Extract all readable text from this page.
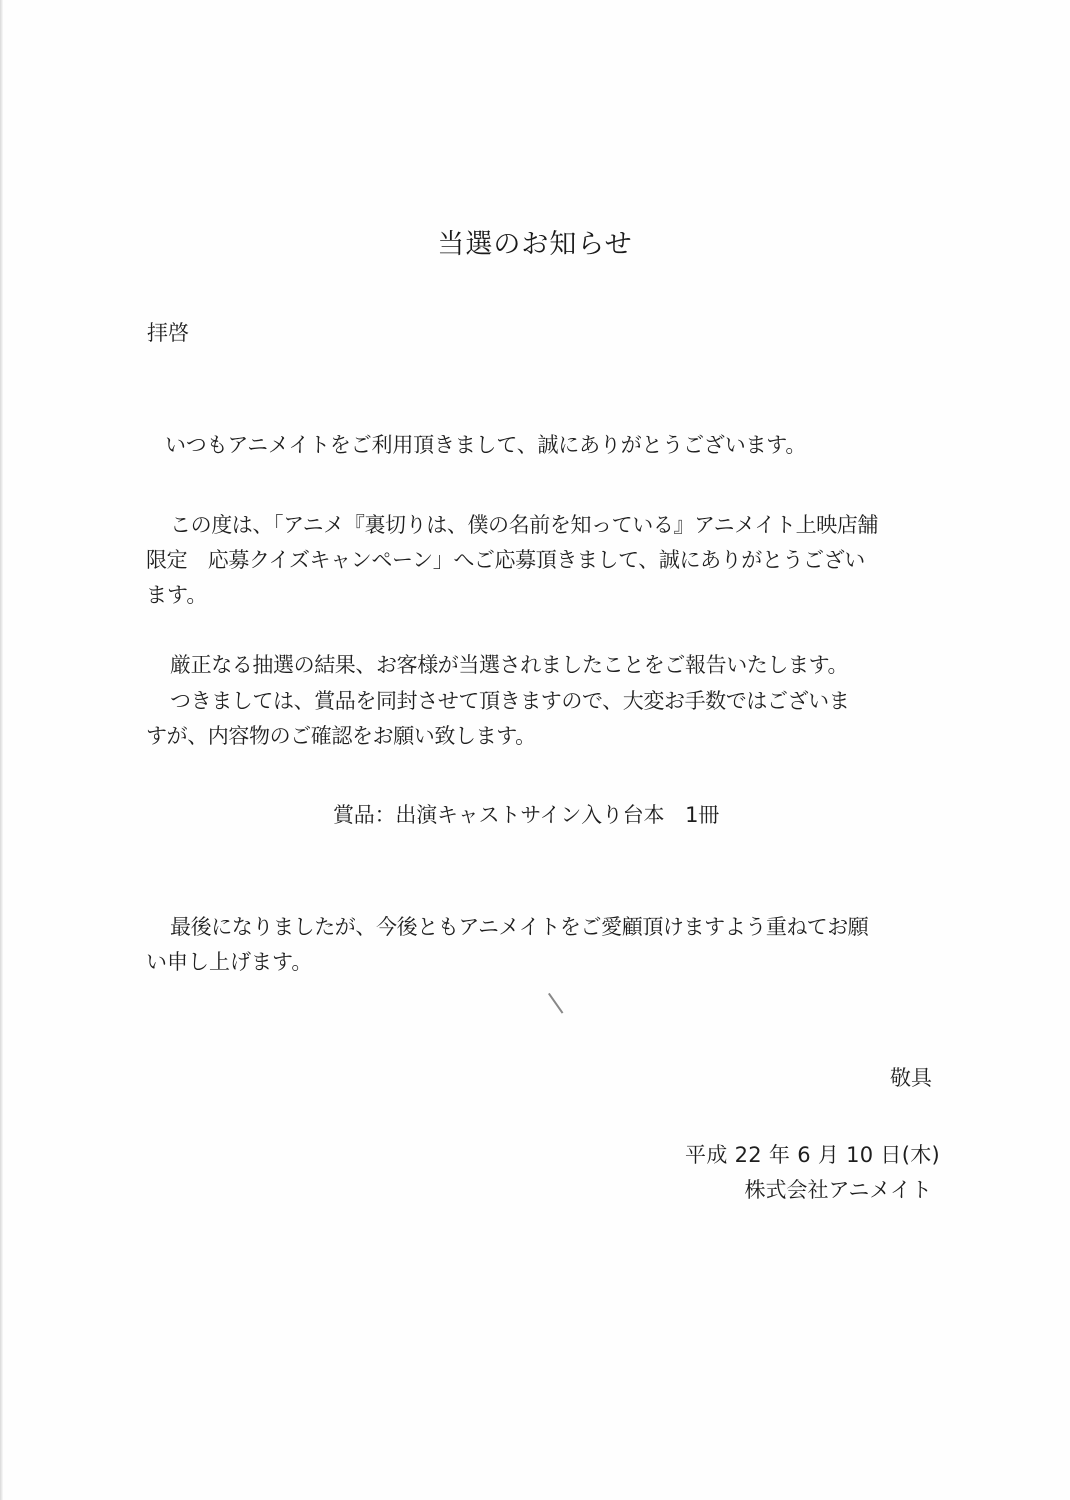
当選のお知らせ
拝啓
いつもアニメイトをご利用頂きまして、誠にありがとうございます。
この度は、「アニメ『裏切りは、僕の名前を知っている』アニメイト上映店舗
限定　応募クイズキャンペーン」へご応募頂きまして、誠にありがとうござい
ます。
厳正なる抽選の結果、お客様が当選されましたことをご報告いたします。
つきましては、賞品を同封させて頂きますので、大変お手数ではございま
すが、内容物のご確認をお願い致します。
賞品：出演キャストサイン入り台本　1冊
最後になりましたが、今後ともアニメイトをご愛顧頂けますよう重ねてお願
い申し上げます。
敬具
平成 22 年 6 月 10 日(木)
株式会社アニメイト
